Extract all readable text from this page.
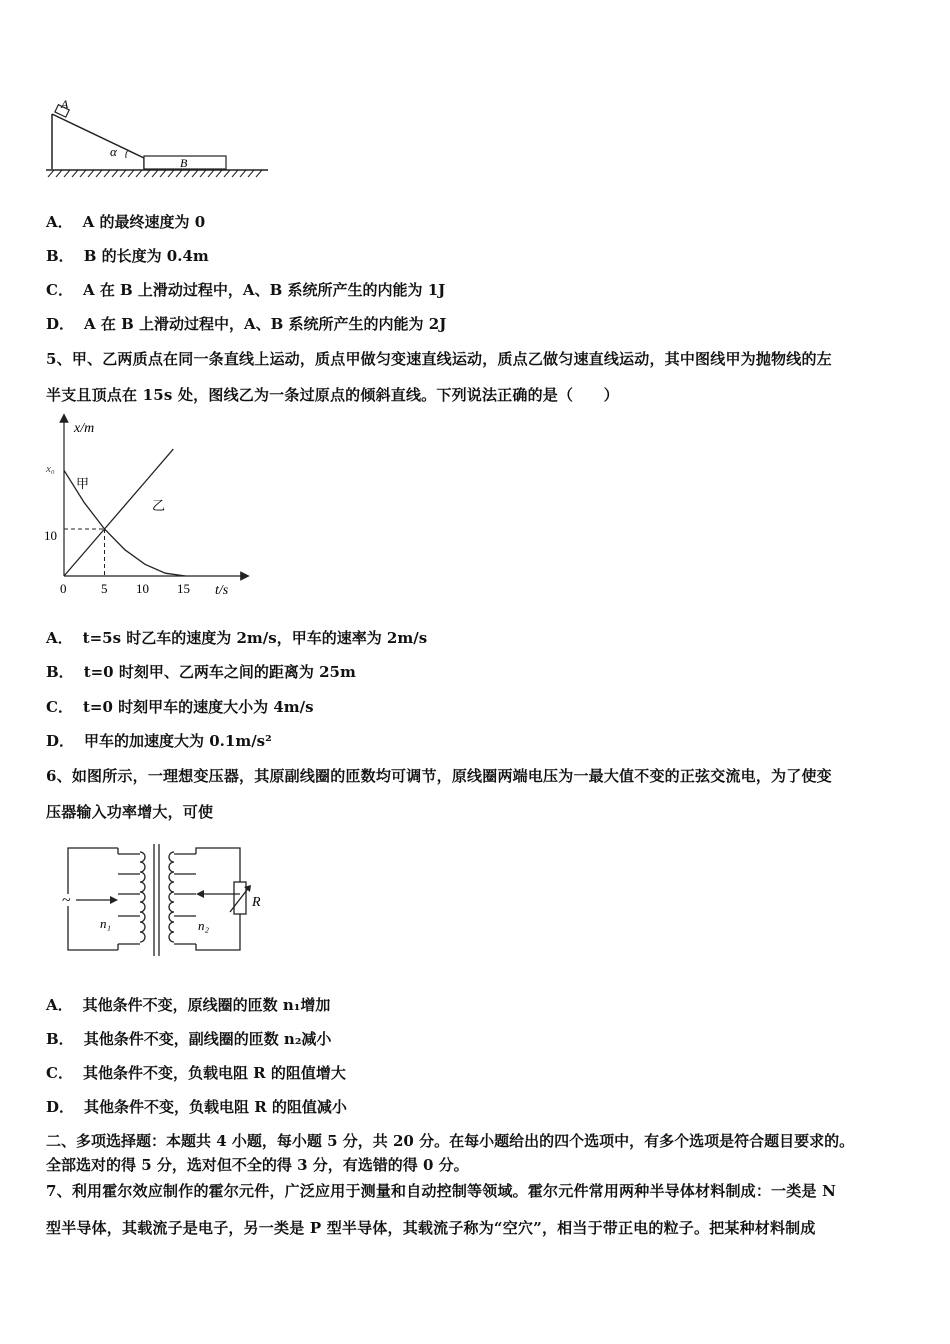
A
α
B
A． A 的最终速度为 0
B． B 的长度为 0.4m
C． A 在 B 上滑动过程中，A、B 系统所产生的内能为 1J
D． A 在 B 上滑动过程中，A、B 系统所产生的内能为 2J
5、甲、乙两质点在同一条直线上运动，质点甲做匀变速直线运动，质点乙做匀速直线运动，其中图线甲为抛物线的左
半支且顶点在 15s 处，图线乙为一条过原点的倾斜直线。下列说法正确的是（　　）
x/m
t/s
0	5 10 15
10
x₀
甲
乙
A． t=5s 时乙车的速度为 2m/s，甲车的速率为 2m/s
B． t=0 时刻甲、乙两车之间的距离为 25m
C． t=0 时刻甲车的速度大小为 4m/s
D． 甲车的加速度大为 0.1m/s²
6、如图所示，一理想变压器，其原副线圈的匝数均可调节，原线圈两端电压为一最大值不变的正弦交流电，为了使变
压器输入功率增大，可使
~
n₁	n₂
R
A． 其他条件不变，原线圈的匝数 n₁增加
B． 其他条件不变，副线圈的匝数 n₂减小
C． 其他条件不变，负载电阻 R 的阻值增大
D． 其他条件不变，负载电阻 R 的阻值减小
二、多项选择题：本题共 4 小题，每小题 5 分，共 20 分。在每小题给出的四个选项中，有多个选项是符合题目要求的。
全部选对的得 5 分，选对但不全的得 3 分，有选错的得 0 分。
7、利用霍尔效应制作的霍尔元件，广泛应用于测量和自动控制等领域。霍尔元件常用两种半导体材料制成：一类是 N
型半导体，其载流子是电子，另一类是 P 型半导体，其载流子称为“空穴”，相当于带正电的粒子。把某种材料制成
